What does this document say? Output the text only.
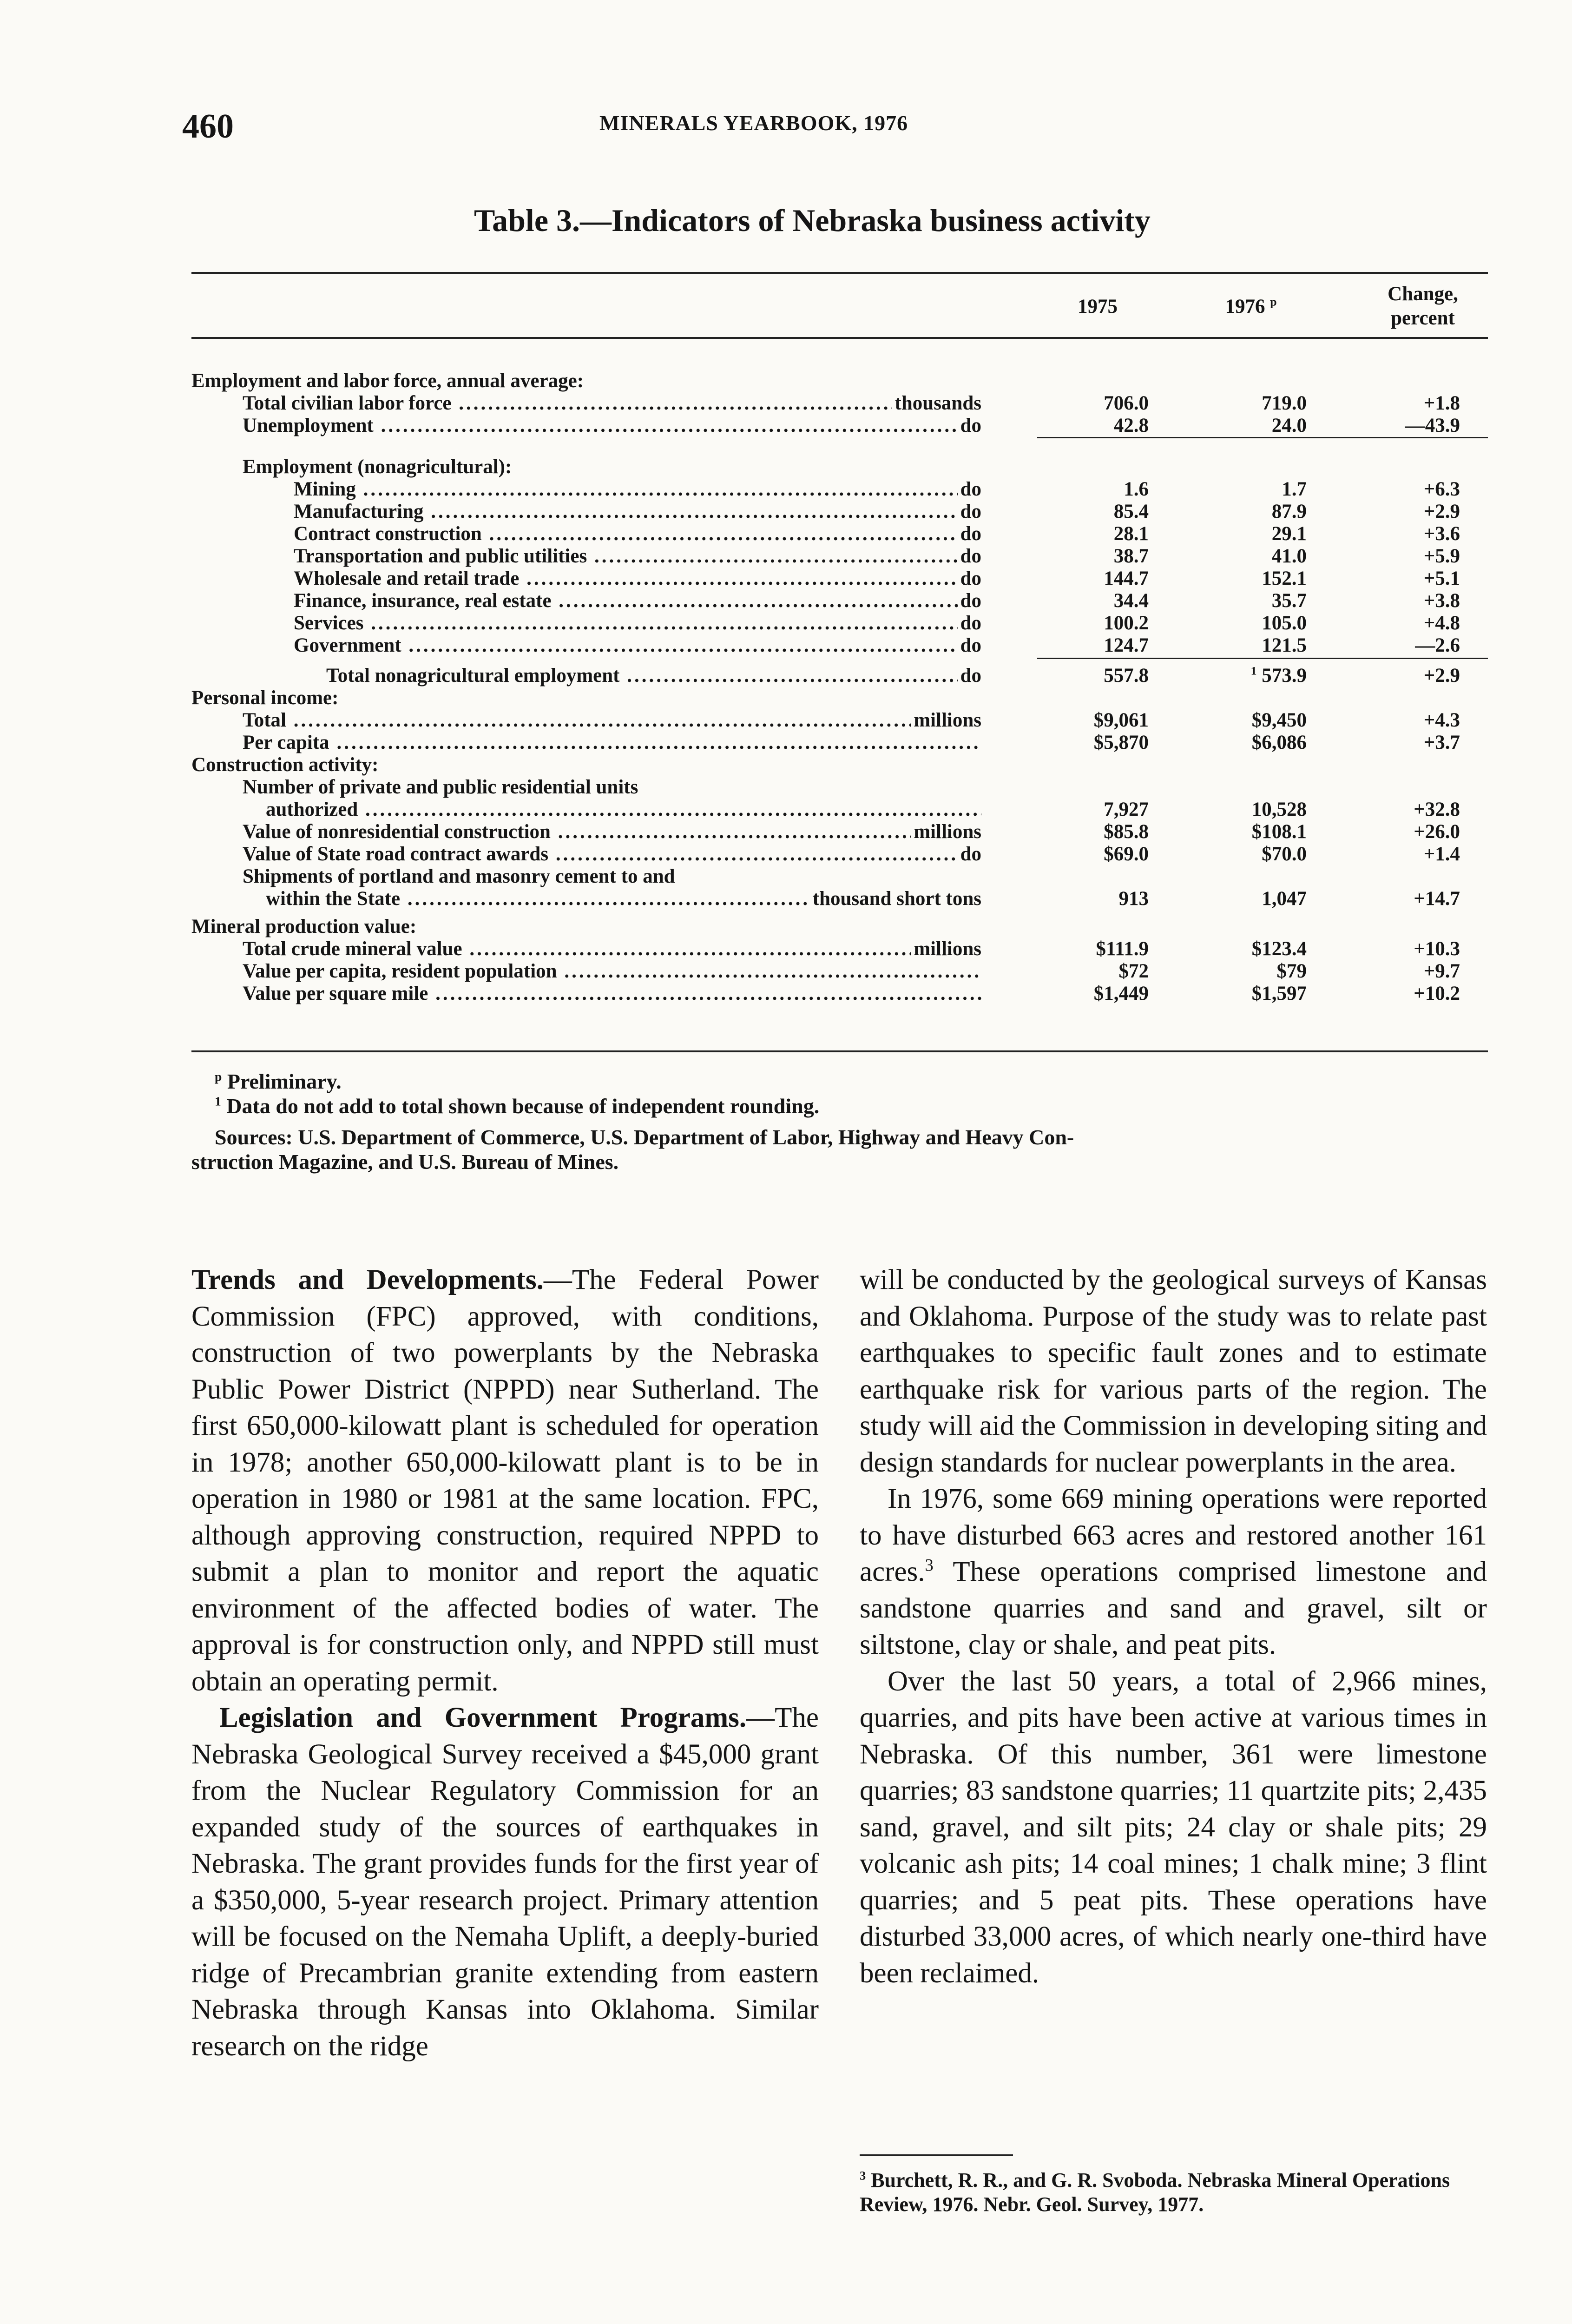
460	MINERALS YEARBOOK, 1976
Table 3.—Indicators of Nebraska business activity
1975	1976 $^p$	Change,
percent
Employment and labor force, annual average:
Total civilian labor force .....	thousands	706.0	719.0	+1.8
Unemployment .....	do	42.8	24.0	—43.9
Employment (nonagricultural):
Mining .....	do	1.6	1.7	+6.3
Manufacturing .....	do	85.4	87.9	+2.9
Contract construction .....	do	28.1	29.1	+3.6
Transportation and public utilities .....	do	38.7	41.0	+5.9
Wholesale and retail trade .....	do	144.7	152.1	+5.1
Finance, insurance, real estate .....	do	34.4	35.7	+3.8
Services .....	do	100.2	105.0	+4.8
Government .....	do	124.7	121.5	—2.6
Total nonagricultural employment .....	do	557.8	$^1$ 573.9	+2.9
Personal income:
Total .....	millions	$9,061	$9,450	+4.3
Per capita .....	$5,870	$6,086	+3.7
Construction activity:
Number of private and public residential units
authorized .....	7,927	10,528	+32.8
Value of nonresidential construction .....	millions	$85.8	$108.1	+26.0
Value of State road contract awards .....	do	$69.0	$70.0	+1.4
Shipments of portland and masonry cement to and
within the State .....	thousand short tons	913	1,047	+14.7
Mineral production value:
Total crude mineral value .....	millions	$111.9	$123.4	+10.3
Value per capita, resident population .....	$72	$79	+9.7
Value per square mile .....	$1,449	$1,597	+10.2
$^p$ Preliminary.
$^1$ Data do not add to total shown because of independent rounding.
Sources: U.S. Department of Commerce, U.S. Department of Labor, Highway and Heavy Con-
struction Magazine, and U.S. Bureau of Mines.

Trends and Developments.—The Federal Power Commission (FPC) approved, with conditions, construction of two powerplants by the Nebraska Public Power District (NPPD) near Sutherland. The first 650,000-kilowatt plant is scheduled for operation in 1978; another 650,000-kilowatt plant is to be in operation in 1980 or 1981 at the same location. FPC, although approving construction, required NPPD to submit a plan to monitor and report the aquatic environment of the affected bodies of water. The approval is for construction only, and NPPD still must obtain an operating permit.

Legislation and Government Programs.—The Nebraska Geological Survey received a $45,000 grant from the Nuclear Regulatory Commission for an expanded study of the sources of earthquakes in Nebraska. The grant provides funds for the first year of a $350,000, 5-year research project. Primary attention will be focused on the Nemaha Uplift, a deeply-buried ridge of Precambrian granite extending from eastern Nebraska through Kansas into Oklahoma. Similar research on the ridge

will be conducted by the geological surveys of Kansas and Oklahoma. Purpose of the study was to relate past earthquakes to specific fault zones and to estimate earthquake risk for various parts of the region. The study will aid the Commission in developing siting and design standards for nuclear powerplants in the area.

In 1976, some 669 mining operations were reported to have disturbed 663 acres and restored another 161 acres.$^3$ These operations comprised limestone and sandstone quarries and sand and gravel, silt or siltstone, clay or shale, and peat pits.

Over the last 50 years, a total of 2,966 mines, quarries, and pits have been active at various times in Nebraska. Of this number, 361 were limestone quarries; 83 sandstone quarries; 11 quartzite pits; 2,435 sand, gravel, and silt pits; 24 clay or shale pits; 29 volcanic ash pits; 14 coal mines; 1 chalk mine; 3 flint quarries; and 5 peat pits. These operations have disturbed 33,000 acres, of which nearly one-third have been reclaimed.

$^3$ Burchett, R. R., and G. R. Svoboda. Nebraska Mineral Operations Review, 1976. Nebr. Geol. Survey, 1977.
